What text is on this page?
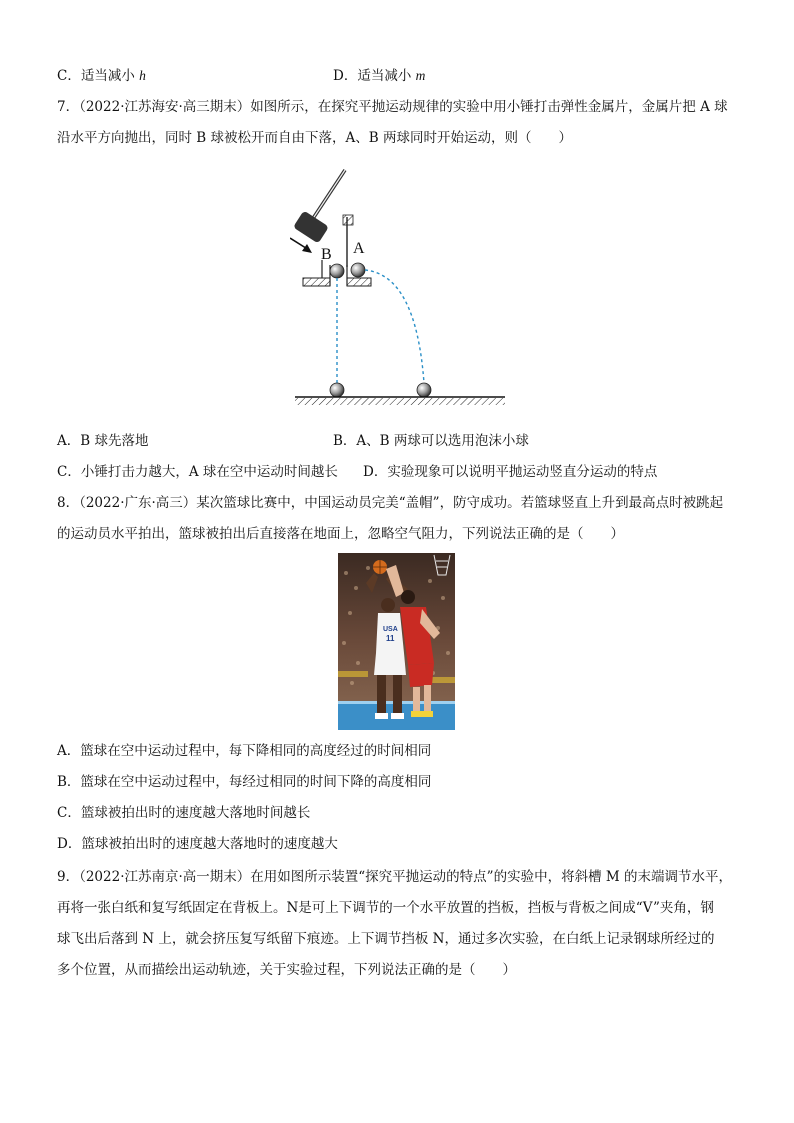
C．适当减小 h	D．适当减小 m
7．（2022·江苏海安·高三期末）如图所示，在探究平抛运动规律的实验中用小锤打击弹性金属片，金属片把 A 球
沿水平方向抛出，同时 B 球被松开而自由下落，A、B 两球同时开始运动，则（　　）
B A
A．B 球先落地	B．A、B 两球可以选用泡沫小球
C．小锤打击力越大，A 球在空中运动时间越长 D．实验现象可以说明平抛运动竖直分运动的特点
8．（2022·广东·高三）某次篮球比赛中，中国运动员完美“盖帽”，防守成功。若篮球竖直上升到最高点时被跳起
的运动员水平拍出，篮球被拍出后直接落在地面上，忽略空气阻力，下列说法正确的是（　　）
USA
11
A．篮球在空中运动过程中，每下降相同的高度经过的时间相同
B．篮球在空中运动过程中，每经过相同的时间下降的高度相同
C．篮球被拍出时的速度越大落地时间越长
D．篮球被拍出时的速度越大落地时的速度越大
9．（2022·江苏南京·高一期末）在用如图所示装置“探究平抛运动的特点”的实验中，将斜槽 M 的末端调节水平，
再将一张白纸和复写纸固定在背板上。N是可上下调节的一个水平放置的挡板，挡板与背板之间成“V”夹角，钢
球飞出后落到 N 上，就会挤压复写纸留下痕迹。上下调节挡板 N，通过多次实验，在白纸上记录钢球所经过的
多个位置，从而描绘出运动轨迹，关于实验过程，下列说法正确的是（　　）
